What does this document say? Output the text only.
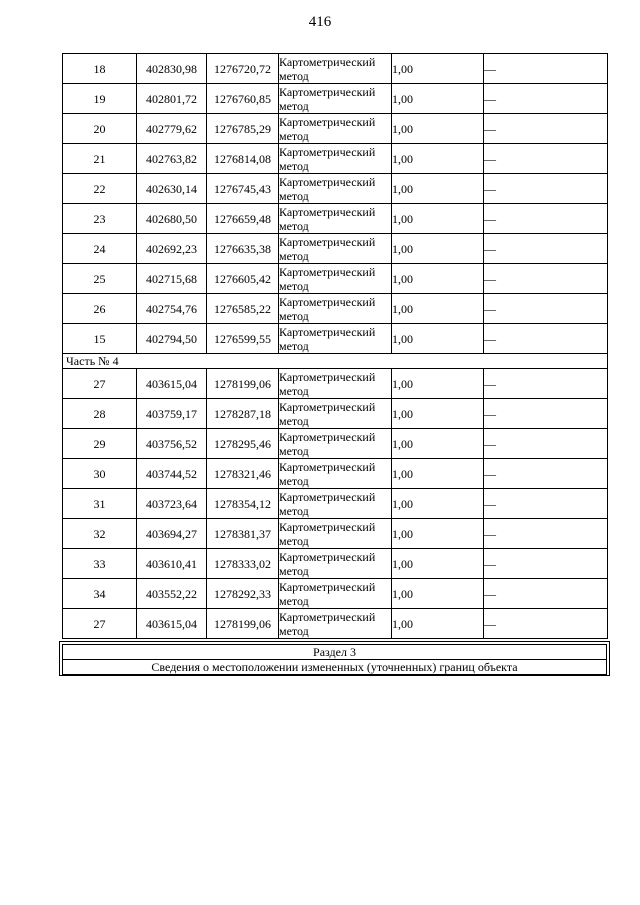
416
18	402830,98	1276720,72	Картометрический метод	1,00	—
19	402801,72	1276760,85	Картометрический метод	1,00	—
20	402779,62	1276785,29	Картометрический метод	1,00	—
21	402763,82	1276814,08	Картометрический метод	1,00	—
22	402630,14	1276745,43	Картометрический метод	1,00	—
23	402680,50	1276659,48	Картометрический метод	1,00	—
24	402692,23	1276635,38	Картометрический метод	1,00	—
25	402715,68	1276605,42	Картометрический метод	1,00	—
26	402754,76	1276585,22	Картометрический метод	1,00	—
15	402794,50	1276599,55	Картометрический метод	1,00	—
Часть № 4					
27	403615,04	1278199,06	Картометрический метод	1,00	—
28	403759,17	1278287,18	Картометрический метод	1,00	—
29	403756,52	1278295,46	Картометрический метод	1,00	—
30	403744,52	1278321,46	Картометрический метод	1,00	—
31	403723,64	1278354,12	Картометрический метод	1,00	—
32	403694,27	1278381,37	Картометрический метод	1,00	—
33	403610,41	1278333,02	Картометрический метод	1,00	—
34	403552,22	1278292,33	Картометрический метод	1,00	—
27	403615,04	1278199,06	Картометрический метод	1,00	—
Раздел 3
Сведения о местоположении измененных (уточненных) границ объекта
